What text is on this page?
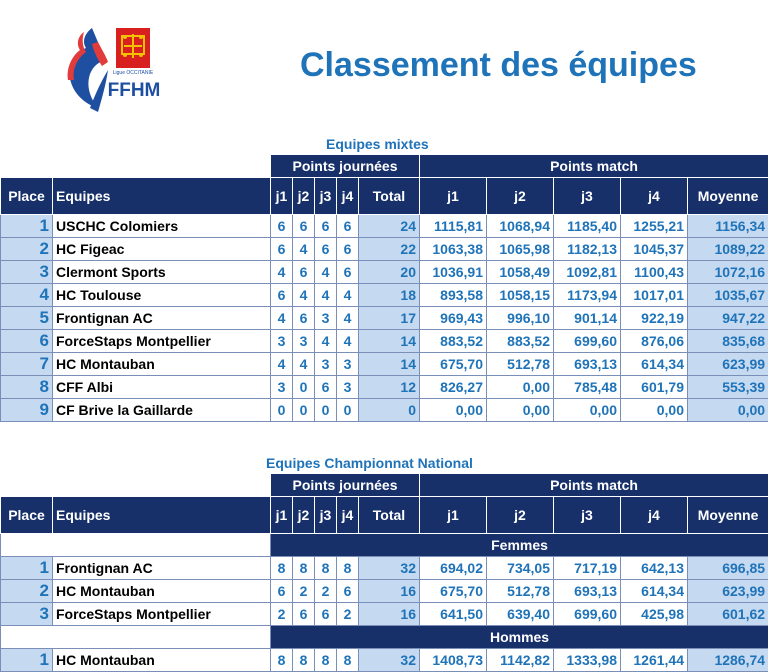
Ligue OCCITANIE
FFHM
Classement des équipes
Equipes mixtes
		Points journées					Points match				
Place	Equipes	j1	j2	j3	j4	Total	j1	j2	j3	j4	Moyenne
1	USCHC Colomiers	6	6	6	6	24	1115,81	1068,94	1185,40	1255,21	1156,34
2	HC Figeac	6	4	6	6	22	1063,38	1065,98	1182,13	1045,37	1089,22
3	Clermont Sports	4	6	4	6	20	1036,91	1058,49	1092,81	1100,43	1072,16
4	HC Toulouse	6	4	4	4	18	893,58	1058,15	1173,94	1017,01	1035,67
5	Frontignan AC	4	6	3	4	17	969,43	996,10	901,14	922,19	947,22
6	ForceStaps Montpellier	3	3	4	4	14	883,52	883,52	699,60	876,06	835,68
7	HC Montauban	4	4	3	3	14	675,70	512,78	693,13	614,34	623,99
8	CFF Albi	3	0	6	3	12	826,27	0,00	785,48	601,79	553,39
9	CF Brive la Gaillarde	0	0	0	0	0	0,00	0,00	0,00	0,00	0,00
Equipes Championnat National
		Points journées					Points match				
Place	Equipes	j1	j2	j3	j4	Total	j1	j2	j3	j4	Moyenne
		Femmes									
1	Frontignan AC	8	8	8	8	32	694,02	734,05	717,19	642,13	696,85
2	HC Montauban	6	2	2	6	16	675,70	512,78	693,13	614,34	623,99
3	ForceStaps Montpellier	2	6	6	2	16	641,50	639,40	699,60	425,98	601,62
		Hommes									
1	HC Montauban	8	8	8	8	32	1408,73	1142,82	1333,98	1261,44	1286,74
